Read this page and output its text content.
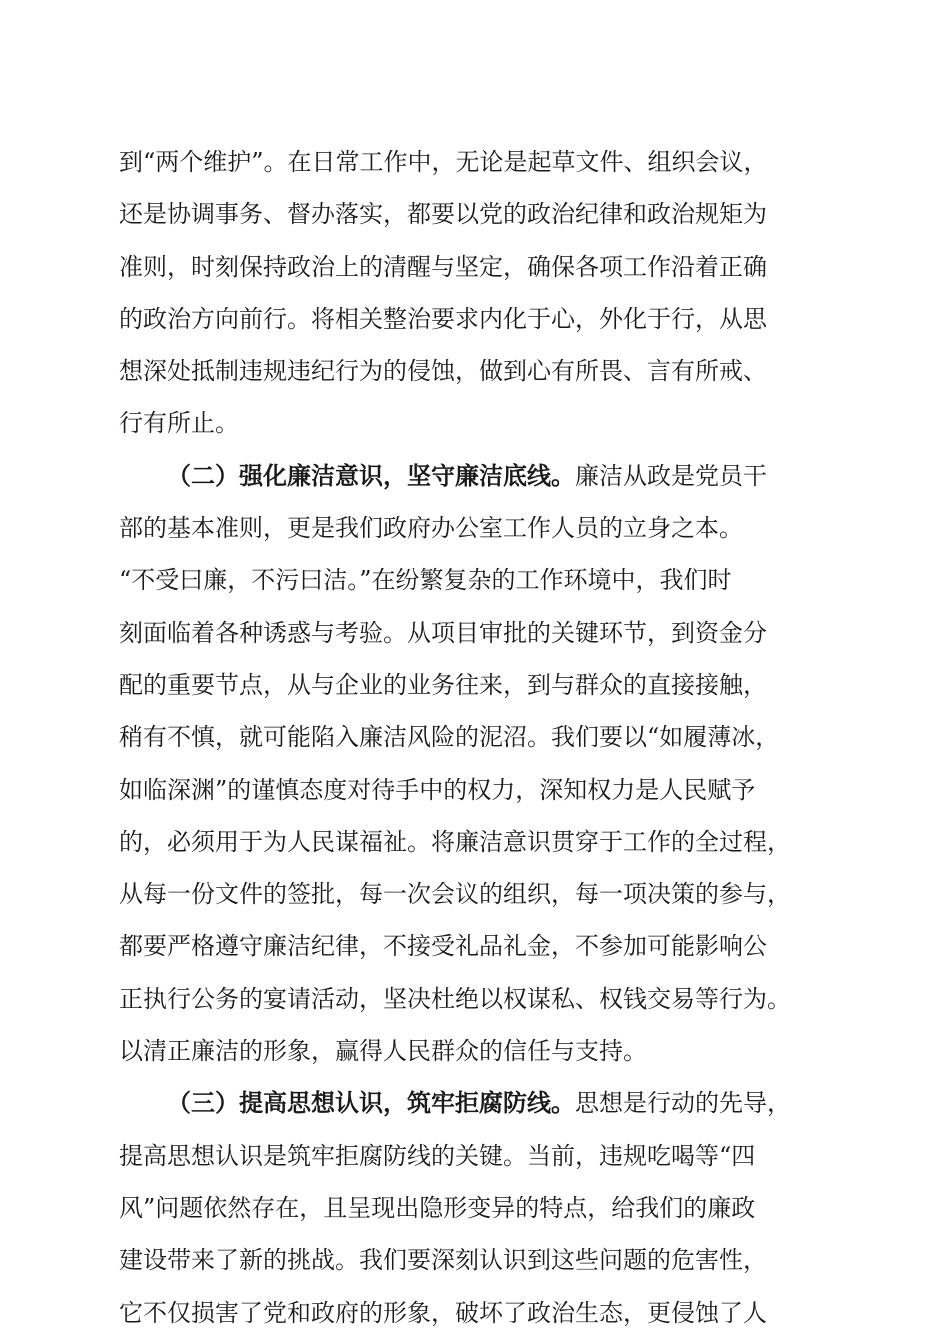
到“两个维护”。在日常工作中，无论是起草文件、组织会议，
还是协调事务、督办落实，都要以党的政治纪律和政治规矩为
准则，时刻保持政治上的清醒与坚定，确保各项工作沿着正确
的政治方向前行。将相关整治要求内化于心，外化于行，从思
想深处抵制违规违纪行为的侵蚀，做到心有所畏、言有所戒、
行有所止。
（二）强化廉洁意识，坚守廉洁底线。廉洁从政是党员干
部的基本准则，更是我们政府办公室工作人员的立身之本。
“不受曰廉，不污曰洁。”在纷繁复杂的工作环境中，我们时
刻面临着各种诱惑与考验。从项目审批的关键环节，到资金分
配的重要节点，从与企业的业务往来，到与群众的直接接触，
稍有不慎，就可能陷入廉洁风险的泥沼。我们要以“如履薄冰，
如临深渊”的谨慎态度对待手中的权力，深知权力是人民赋予
的，必须用于为人民谋福祉。将廉洁意识贯穿于工作的全过程，
从每一份文件的签批，每一次会议的组织，每一项决策的参与，
都要严格遵守廉洁纪律，不接受礼品礼金，不参加可能影响公
正执行公务的宴请活动，坚决杜绝以权谋私、权钱交易等行为。
以清正廉洁的形象，赢得人民群众的信任与支持。
（三）提高思想认识，筑牢拒腐防线。思想是行动的先导，
提高思想认识是筑牢拒腐防线的关键。当前，违规吃喝等“四
风”问题依然存在，且呈现出隐形变异的特点，给我们的廉政
建设带来了新的挑战。我们要深刻认识到这些问题的危害性，
它不仅损害了党和政府的形象，破坏了政治生态，更侵蚀了人
